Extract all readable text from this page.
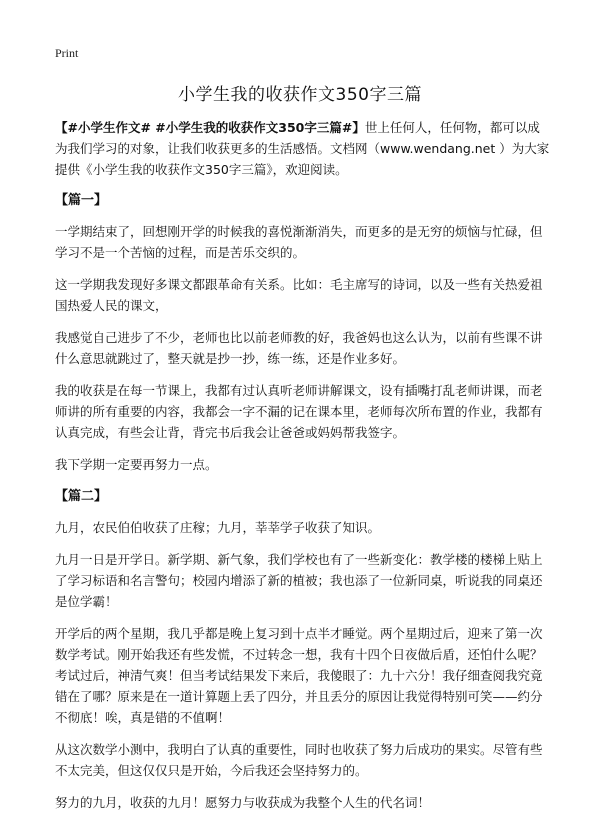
Print
小学生我的收获作文350字三篇

【#小学生作文# #小学生我的收获作文350字三篇#】世上任何人，任何物，都可以成为我们学习的对象，让我们收获更多的生活感悟。文档网（www.wendang.net ）为大家提供《小学生我的收获作文350字三篇》，欢迎阅读。

【篇一】

一学期结束了，回想刚开学的时候我的喜悦渐渐消失，而更多的是无穷的烦恼与忙碌，但学习不是一个苦恼的过程，而是苦乐交织的。

这一学期我发现好多课文都跟革命有关系。比如：毛主席写的诗词，以及一些有关热爱祖国热爱人民的课文，

我感觉自己进步了不少，老师也比以前老师教的好，我爸妈也这么认为，以前有些课不讲什么意思就跳过了，整天就是抄一抄，练一练，还是作业多好。

我的收获是在每一节课上，我都有过认真听老师讲解课文，设有插嘴打乱老师讲课，而老师讲的所有重要的内容，我都会一字不漏的记在课本里，老师每次所布置的作业，我都有认真完成，有些会让背，背完书后我会让爸爸或妈妈帮我签字。

我下学期一定要再努力一点。

【篇二】

九月，农民伯伯收获了庄稼；九月，莘莘学子收获了知识。

九月一日是开学日。新学期、新气象，我们学校也有了一些新变化：教学楼的楼梯上贴上了学习标语和名言警句；校园内增添了新的植被；我也添了一位新同桌，听说我的同桌还是位学霸！

开学后的两个星期，我几乎都是晚上复习到十点半才睡觉。两个星期过后，迎来了第一次数学考试。刚开始我还有些发慌，不过转念一想，我有十四个日夜做后盾，还怕什么呢？考试过后，神清气爽！但当考试结果发下来后，我傻眼了：九十六分！我仔细查阅我究竟错在了哪？原来是在一道计算题上丢了四分，并且丢分的原因让我觉得特别可笑——约分不彻底！唉，真是错的不值啊！

从这次数学小测中，我明白了认真的重要性，同时也收获了努力后成功的果实。尽管有些不太完美，但这仅仅只是开始，今后我还会坚持努力的。

努力的九月，收获的九月！愿努力与收获成为我整个人生的代名词！
